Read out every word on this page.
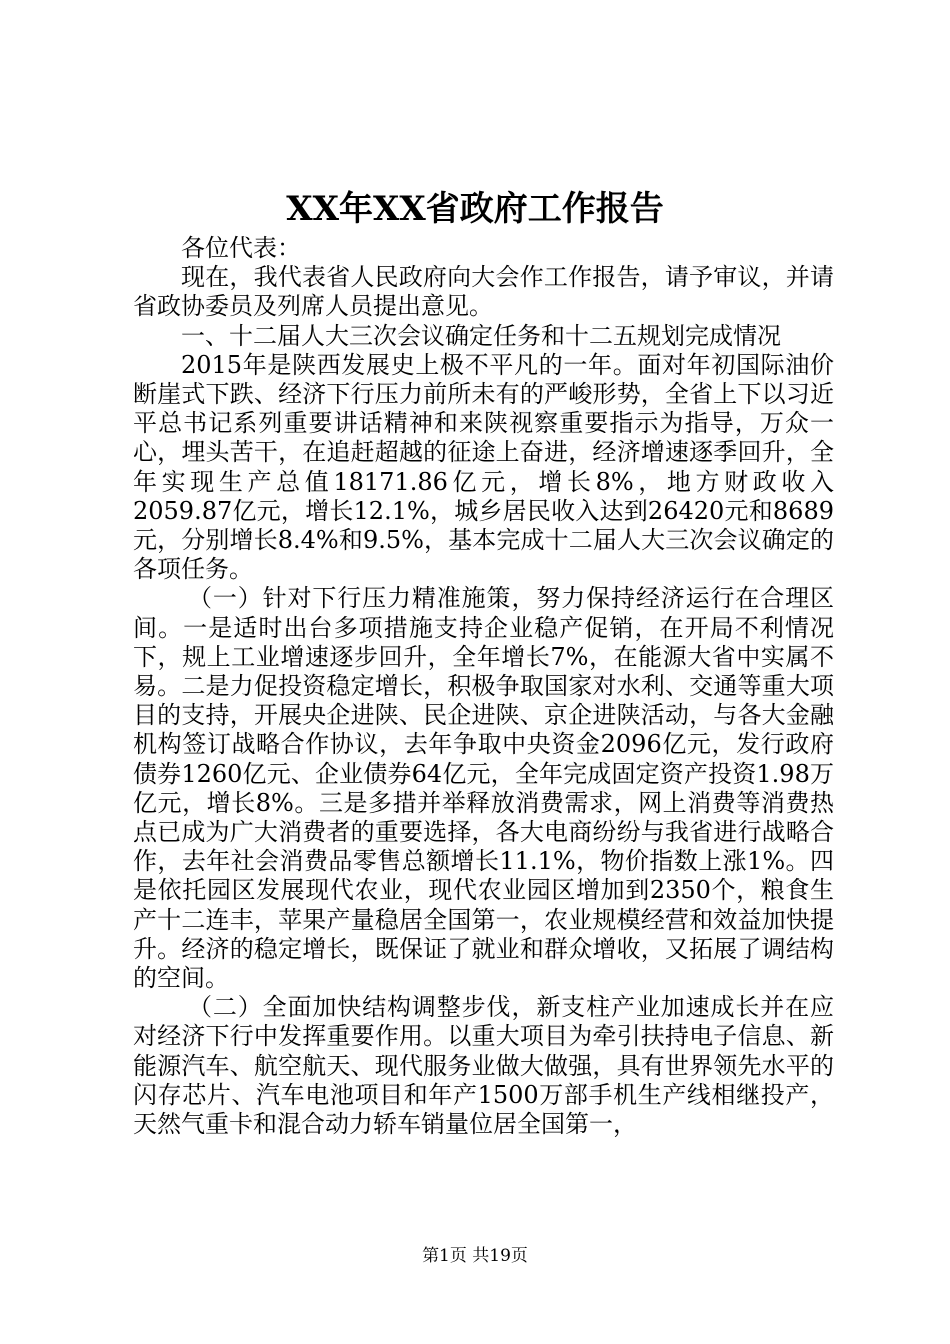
XX年XX省政府工作报告

各位代表：

现在，我代表省人民政府向大会作工作报告，请予审议，并请省政协委员及列席人员提出意见。

一、十二届人大三次会议确定任务和十二五规划完成情况

2015年是陕西发展史上极不平凡的一年。面对年初国际油价断崖式下跌、经济下行压力前所未有的严峻形势，全省上下以习近平总书记系列重要讲话精神和来陕视察重要指示为指导，万众一心，埋头苦干，在追赶超越的征途上奋进，经济增速逐季回升，全年实现生产总值18171.86亿元，增长8%，地方财政收入2059.87亿元，增长12.1%，城乡居民收入达到26420元和8689元，分别增长8.4%和9.5%，基本完成十二届人大三次会议确定的各项任务。

（一）针对下行压力精准施策，努力保持经济运行在合理区间。一是适时出台多项措施支持企业稳产促销，在开局不利情况下，规上工业增速逐步回升，全年增长7%，在能源大省中实属不易。二是力促投资稳定增长，积极争取国家对水利、交通等重大项目的支持，开展央企进陕、民企进陕、京企进陕活动，与各大金融机构签订战略合作协议，去年争取中央资金2096亿元，发行政府债券1260亿元、企业债券64亿元，全年完成固定资产投资1.98万亿元，增长8%。三是多措并举释放消费需求，网上消费等消费热点已成为广大消费者的重要选择，各大电商纷纷与我省进行战略合作，去年社会消费品零售总额增长11.1%，物价指数上涨1%。四是依托园区发展现代农业，现代农业园区增加到2350个，粮食生产十二连丰，苹果产量稳居全国第一，农业规模经营和效益加快提升。经济的稳定增长，既保证了就业和群众增收，又拓展了调结构的空间。

（二）全面加快结构调整步伐，新支柱产业加速成长并在应对经济下行中发挥重要作用。以重大项目为牵引扶持电子信息、新能源汽车、航空航天、现代服务业做大做强，具有世界领先水平的闪存芯片、汽车电池项目和年产1500万部手机生产线相继投产，天然气重卡和混合动力轿车销量位居全国第一，

第1页 共19页
